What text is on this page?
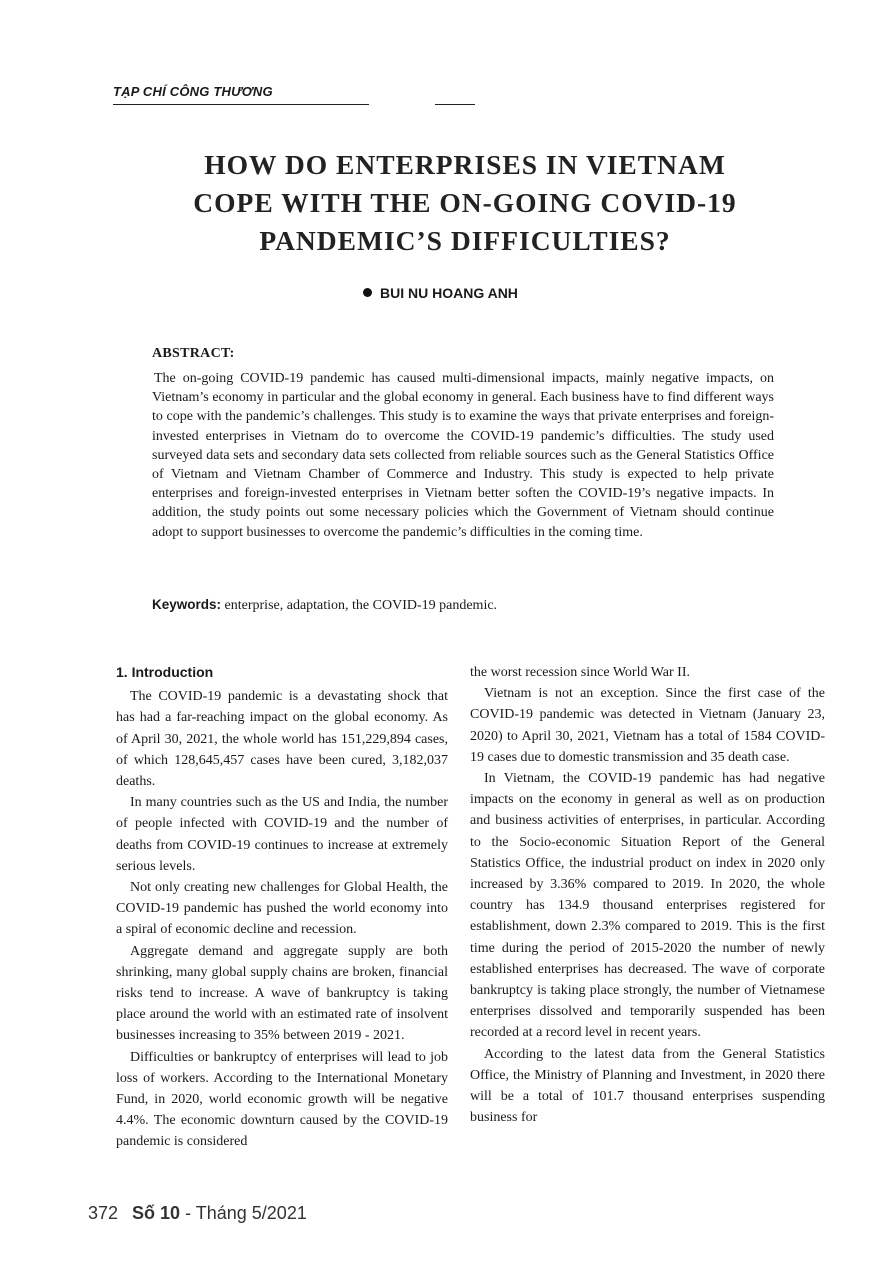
TẠP CHÍ CÔNG THƯƠNG
HOW DO ENTERPRISES IN VIETNAM
COPE WITH THE ON-GOING COVID-19
PANDEMIC’S DIFFICULTIES?
BUI NU HOANG ANH
ABSTRACT:
The on-going COVID-19 pandemic has caused multi-dimensional impacts, mainly negative impacts, on Vietnam’s economy in particular and the global economy in general. Each business have to find different ways to cope with the pandemic’s challenges. This study is to examine the ways that private enterprises and foreign-invested enterprises in Vietnam do to overcome the COVID-19 pandemic’s difficulties. The study used surveyed data sets and secondary data sets collected from reliable sources such as the General Statistics Office of Vietnam and Vietnam Chamber of Commerce and Industry. This study is expected to help private enterprises and foreign-invested enterprises in Vietnam better soften the COVID-19’s negative impacts. In addition, the study points out some necessary policies which the Government of Vietnam should continue adopt to support businesses to overcome the pandemic’s difficulties in the coming time.
Keywords: enterprise, adaptation, the COVID-19 pandemic.
1. Introduction

The COVID-19 pandemic is a devastating shock that has had a far-reaching impact on the global economy. As of April 30, 2021, the whole world has 151,229,894 cases, of which 128,645,457 cases have been cured, 3,182,037 deaths.

In many countries such as the US and India, the number of people infected with COVID-19 and the number of deaths from COVID-19 continues to increase at extremely serious levels.

Not only creating new challenges for Global Health, the COVID-19 pandemic has pushed the world economy into a spiral of economic decline and recession.

Aggregate demand and aggregate supply are both shrinking, many global supply chains are broken, financial risks tend to increase. A wave of bankruptcy is taking place around the world with an estimated rate of insolvent businesses increasing to 35% between 2019 - 2021.

Difficulties or bankruptcy of enterprises will lead to job loss of workers. According to the International Monetary Fund, in 2020, world economic growth will be negative 4.4%. The economic downturn caused by the COVID-19 pandemic is considered

the worst recession since World War II.

Vietnam is not an exception. Since the first case of the COVID-19 pandemic was detected in Vietnam (January 23, 2020) to April 30, 2021, Vietnam has a total of 1584 COVID-19 cases due to domestic transmission and 35 death case.

In Vietnam, the COVID-19 pandemic has had negative impacts on the economy in general as well as on production and business activities of enterprises, in particular. According to the Socio-economic Situation Report of the General Statistics Office, the industrial product on index in 2020 only increased by 3.36% compared to 2019. In 2020, the whole country has 134.9 thousand enterprises registered for establishment, down 2.3% compared to 2019. This is the first time during the period of 2015-2020 the number of newly established enterprises has decreased. The wave of corporate bankruptcy is taking place strongly, the number of Vietnamese enterprises dissolved and temporarily suspended has been recorded at a record level in recent years.

According to the latest data from the General Statistics Office, the Ministry of Planning and Investment, in 2020 there will be a total of 101.7 thousand enterprises suspending business for

372 Số 10 - Tháng 5/2021
